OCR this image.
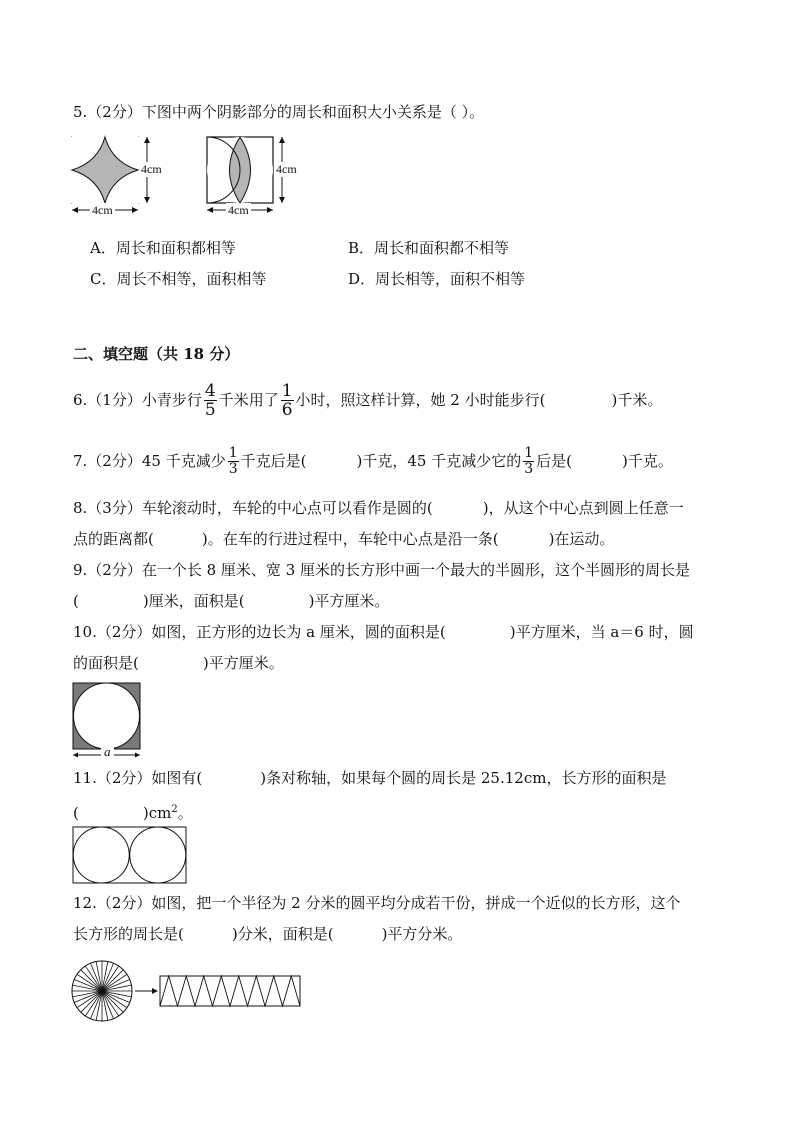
5.（2分）下图中两个阴影部分的周长和面积大小关系是（ ）。
4cm
4cm
4cm
4cm
A．周长和面积都相等	B．周长和面积都不相等
C．周长不相等，面积相等	D．周长相等，面积不相等
二、填空题（共 18 分）
6.（1分）小青步行 $\frac{4}{5}$ 千米用了 $\frac{1}{6}$ 小时，照这样计算，她 2 小时能步行(	)千米。
7.（2分）45 千克减少 $\frac{1}{3}$ 千克后是(	)千克，45 千克减少它的 $\frac{1}{3}$ 后是(	)千克。
8.（3分）车轮滚动时，车轮的中心点可以看作是圆的(	)，从这个中心点到圆上任意一
点的距离都(	)。在车的行进过程中，车轮中心点是沿一条(	)在运动。
9.（2分）在一个长 8 厘米、宽 3 厘米的长方形中画一个最大的半圆形，这个半圆形的周长是
(	)厘米，面积是(	)平方厘米。
10.（2分）如图，正方形的边长为 a 厘米，圆的面积是(	)平方厘米，当 a＝6 时，圆
的面积是(	)平方厘米。
a
11.（2分）如图有(	)条对称轴，如果每个圆的周长是 25.12cm，长方形的面积是
(	)$cm^2$。
12.（2分）如图，把一个半径为 2 分米的圆平均分成若干份，拼成一个近似的长方形，这个
长方形的周长是(	)分米，面积是(	)平方分米。
